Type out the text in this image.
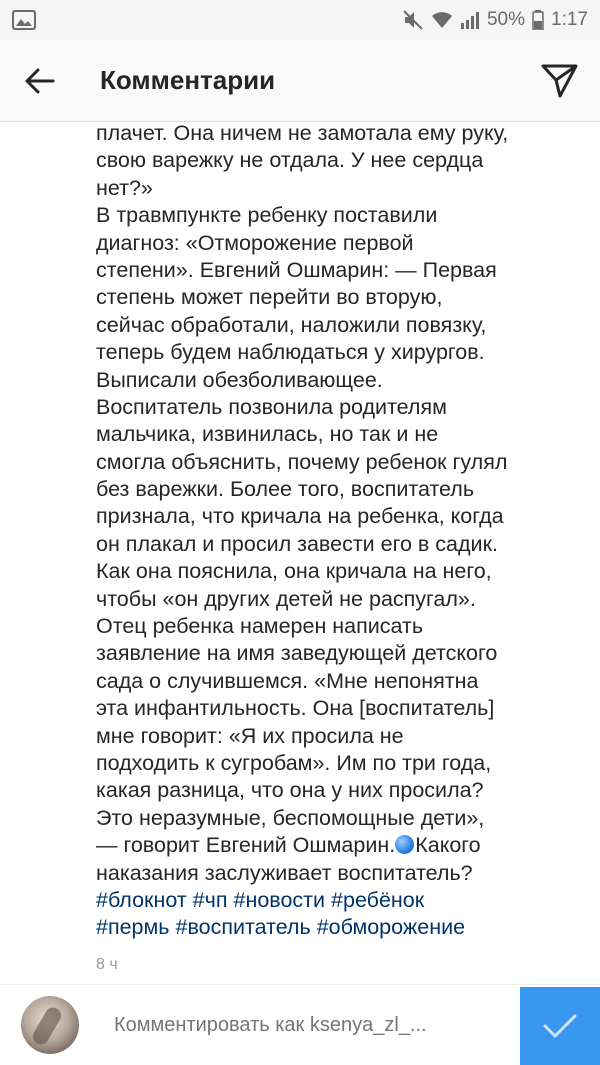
50% 1:17
Комментарии
плачет. Она ничем не замотала ему руку,
свою варежку не отдала. У нее сердца
нет?»
В травмпункте ребенку поставили
диагноз: «Отморожение первой
степени». Евгений Ошмарин: — Первая
степень может перейти во вторую,
сейчас обработали, наложили повязку,
теперь будем наблюдаться у хирургов.
Выписали обезболивающее.
Воспитатель позвонила родителям
мальчика, извинилась, но так и не
смогла объяснить, почему ребенок гулял
без варежки. Более того, воспитатель
признала, что кричала на ребенка, когда
он плакал и просил завести его в садик.
Как она пояснила, она кричала на него,
чтобы «он других детей не распугал».
Отец ребенка намерен написать
заявление на имя заведующей детского
сада о случившемся. «Мне непонятна
эта инфантильность. Она [воспитатель]
мне говорит: «Я их просила не
подходить к сугробам». Им по три года,
какая разница, что она у них просила?
Это неразумные, беспомощные дети»,
— говорит Евгений Ошмарин. Какого
наказания заслуживает воспитатель?
#блокнот #чп #новости #ребёнок
#пермь #воспитатель #обморожение
8 ч
Комментировать как ksenya_zl_...
